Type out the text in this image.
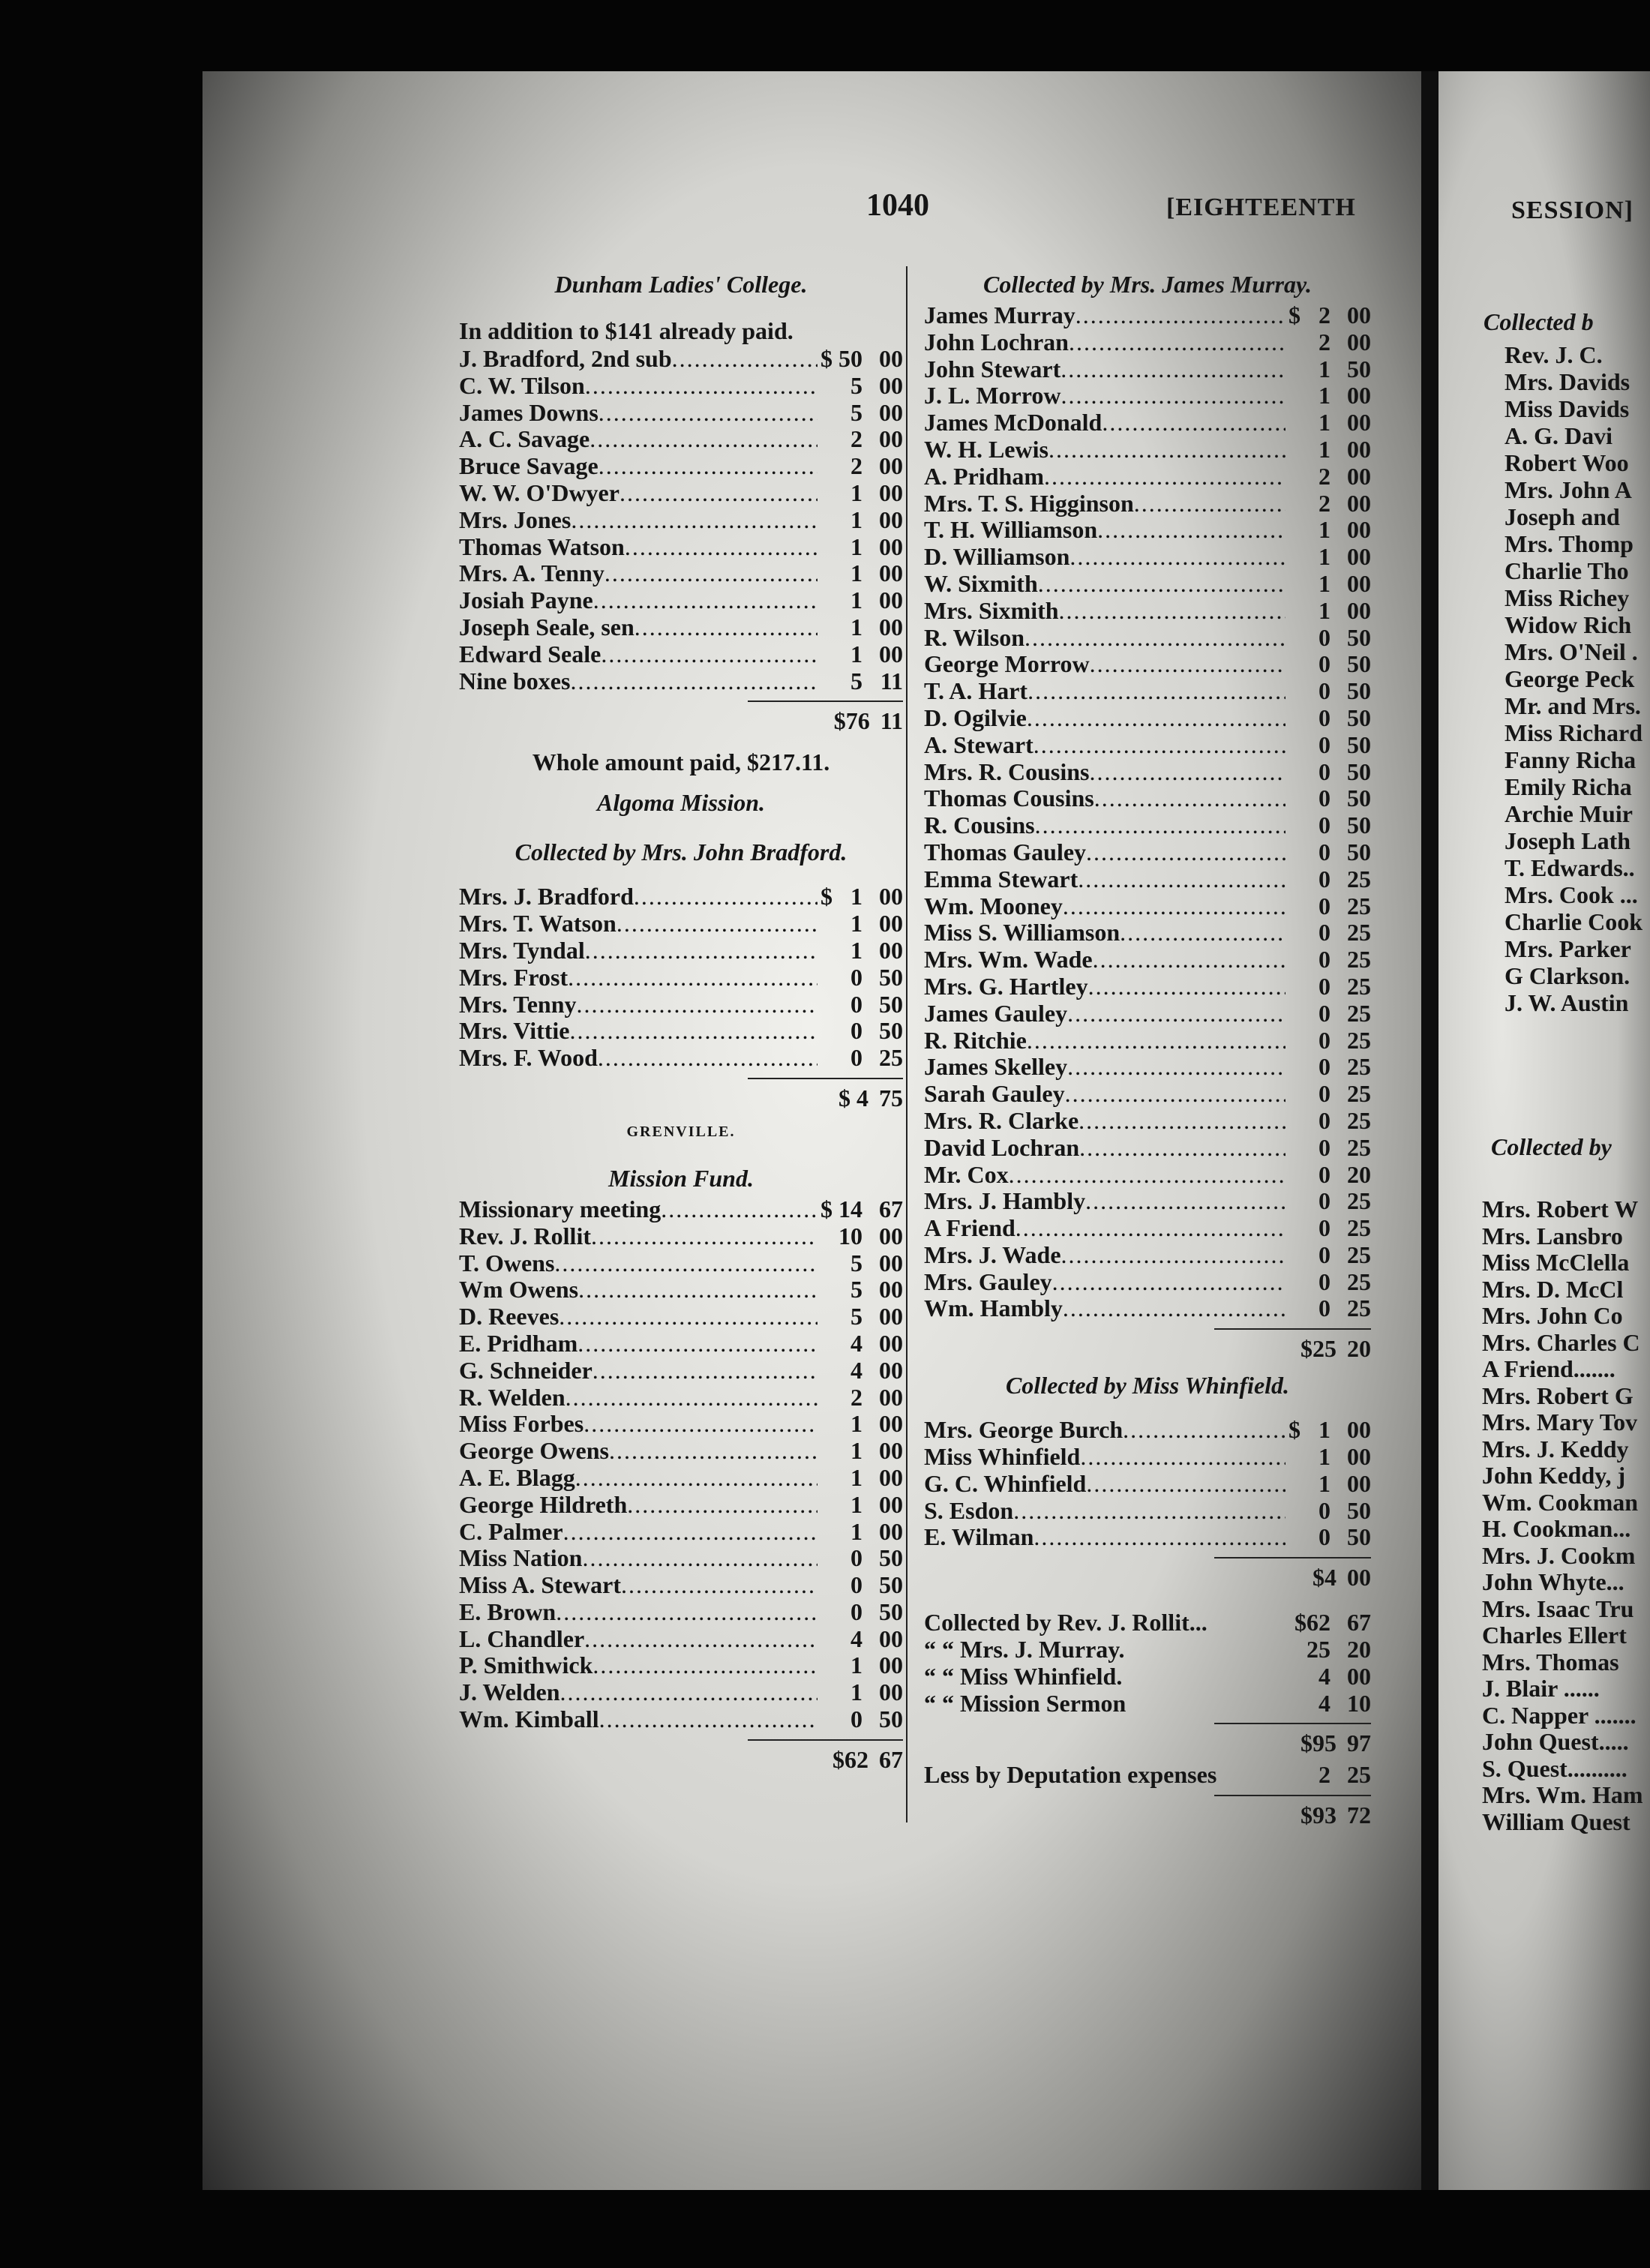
Collected b
Rev. J. C.
Mrs. Davids
Miss Davids
A. G. Davi
Robert Woo
Mrs. John A
Joseph and
Mrs. Thomp
Charlie Tho
Miss Richey
Widow Rich
Mrs. O'Neil .
George Peck
Mr. and Mrs.
Miss Richard
Fanny Richa
Emily Richa
Archie Muir
Joseph Lath
T. Edwards..
Mrs. Cook ...
Charlie Cook
Mrs. Parker
G Clarkson.
J. W. Austin
Collected by
Mrs. Robert W
Mrs. Lansbro
Miss McClella
Mrs. D. McCl
Mrs. John Co
Mrs. Charles C
A Friend.......
Mrs. Robert G
Mrs. Mary Tov
Mrs. J. Keddy
John Keddy, j
Wm. Cookman
H. Cookman...
Mrs. J. Cookm
John Whyte...
Mrs. Isaac Tru
Charles Ellert
Mrs. Thomas
J. Blair ......
C. Napper .......
John Quest.....
S. Quest..........
Mrs. Wm. Ham
William Quest
1040	[EIGHTEENTH	SESSION]
Dunham Ladies' College.
In addition to $141 already paid.
J. Bradford, 2nd sub .....	$ 50 00
C. W. Tilson .....	5 00
James Downs .....	5 00
A. C. Savage .....	2 00
Bruce Savage .....	2 00
W. W. O'Dwyer .....	1 00
Mrs. Jones .....	1 00
Thomas Watson .....	1 00
Mrs. A. Tenny .....	1 00
Josiah Payne .....	1 00
Joseph Seale, sen .....	1 00
Edward Seale .....	1 00
Nine boxes .....	5 11
$76 11
Whole amount paid, $217.11.
Algoma Mission.
Collected by Mrs. John Bradford.
Mrs. J. Bradford .....	$ 1 00
Mrs. T. Watson .....	1 00
Mrs. Tyndal .....	1 00
Mrs. Frost .....	0 50
Mrs. Tenny .....	0 50
Mrs. Vittie .....	0 50
Mrs. F. Wood .....	0 25
$ 4 75
GRENVILLE.
Mission Fund.
Missionary meeting .....	$ 14 67
Rev. J. Rollit .....	10 00
T. Owens .....	5 00
Wm Owens .....	5 00
D. Reeves .....	5 00
E. Pridham .....	4 00
G. Schneider .....	4 00
R. Welden .....	2 00
Miss Forbes .....	1 00
George Owens .....	1 00
A. E. Blagg .....	1 00
George Hildreth .....	1 00
C. Palmer .....	1 00
Miss Nation .....	0 50
Miss A. Stewart .....	0 50
E. Brown .....	0 50
L. Chandler .....	4 00
P. Smithwick .....	1 00
J. Welden .....	1 00
Wm. Kimball .....	0 50
$62 67
Collected by Mrs. James Murray.
James Murray .....	$ 2 00
John Lochran .....	2 00
John Stewart .....	1 50
J. L. Morrow .....	1 00
James McDonald .....	1 00
W. H. Lewis .....	1 00
A. Pridham .....	2 00
Mrs. T. S. Higginson .....	2 00
T. H. Williamson .....	1 00
D. Williamson .....	1 00
W. Sixmith .....	1 00
Mrs. Sixmith .....	1 00
R. Wilson .....	0 50
George Morrow .....	0 50
T. A. Hart .....	0 50
D. Ogilvie .....	0 50
A. Stewart .....	0 50
Mrs. R. Cousins .....	0 50
Thomas Cousins .....	0 50
R. Cousins .....	0 50
Thomas Gauley .....	0 50
Emma Stewart .....	0 25
Wm. Mooney .....	0 25
Miss S. Williamson .....	0 25
Mrs. Wm. Wade .....	0 25
Mrs. G. Hartley .....	0 25
James Gauley .....	0 25
R. Ritchie .....	0 25
James Skelley .....	0 25
Sarah Gauley .....	0 25
Mrs. R. Clarke .....	0 25
David Lochran .....	0 25
Mr. Cox .....	0 20
Mrs. J. Hambly .....	0 25
A Friend .....	0 25
Mrs. J. Wade .....	0 25
Mrs. Gauley .....	0 25
Wm. Hambly .....	0 25
$25 20
Collected by Miss Whinfield.
Mrs. George Burch .....	$ 1 00
Miss Whinfield .....	1 00
G. C. Whinfield .....	1 00
S. Esdon .....	0 50
E. Wilman .....	0 50
$4 00
Collected by Rev. J. Rollit...	$62 67
“ “ Mrs. J. Murray.	25 20
“ “ Miss Whinfield.	4 00
“ “ Mission Sermon	4 10
$95 97
Less by Deputation expenses	2 25
$93 72
